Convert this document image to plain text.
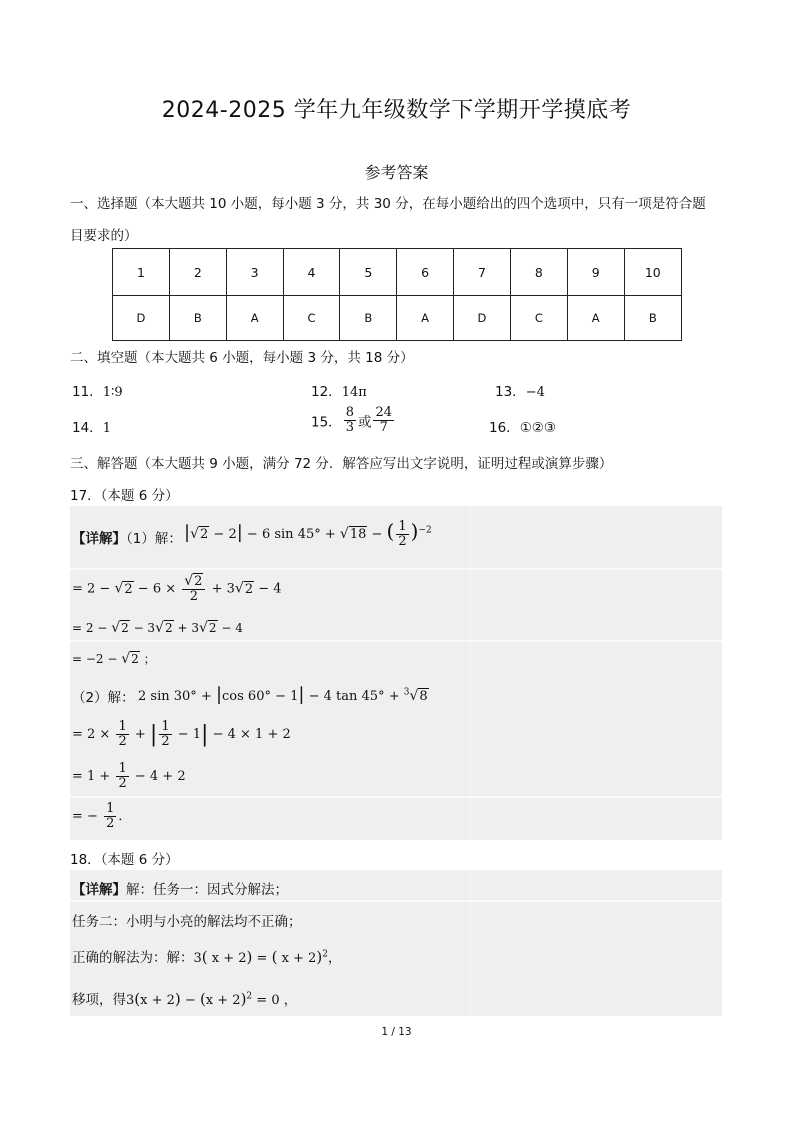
2024-2025 学年九年级数学下学期开学摸底考
参考答案
一、选择题（本大题共 10 小题，每小题 3 分，共 30 分，在每小题给出的四个选项中，只有一项是符合题
目要求的）
1	2	3	4	5	6	7	8	9	10
D	B	A	C	B	A	D	C	A	B
二、填空题（本大题共 6 小题，每小题 3 分，共 18 分）
11．1∶9	12．14π	13．−4
14．1	15． $\frac{8}{3}$ 或 $\frac{24}{7}$	16．①②③
三、解答题（本大题共 9 小题，满分 72 分．解答应写出文字说明，证明过程或演算步骤）
17．（本题 6 分）
【详解】（1）解： |√2 − 2| − 6 sin 45° + √18 − ( $\frac{1}{2} )^{-2}$
= $2 - √2 - 6 \times \frac{√2}{2} + 3√2 - 4$
= 2 − √2 − 3√2 + 3√2 − 4
= −2 − √2 ；
（2）解： 2 sin 30° + |cos 60° − 1| − 4 tan 45° + $^3$√8
= $2 \times \frac{1}{2}$ + | $\frac{1}{2} - 1| - 4 \times 1 + 2$
= $1 + \frac{1}{2} - 4 + 2$
= − $\frac{1}{2}$ ．
18．（本题 6 分）
【详解】解：任务一：因式分解法；
任务二：小明与小亮的解法均不正确；
正确的解法为：解：3( x + 2) = ( x + 2)$^2$，
移项，得$3(x + 2) - (x + 2)^2 = 0$ ，
1 / 13
